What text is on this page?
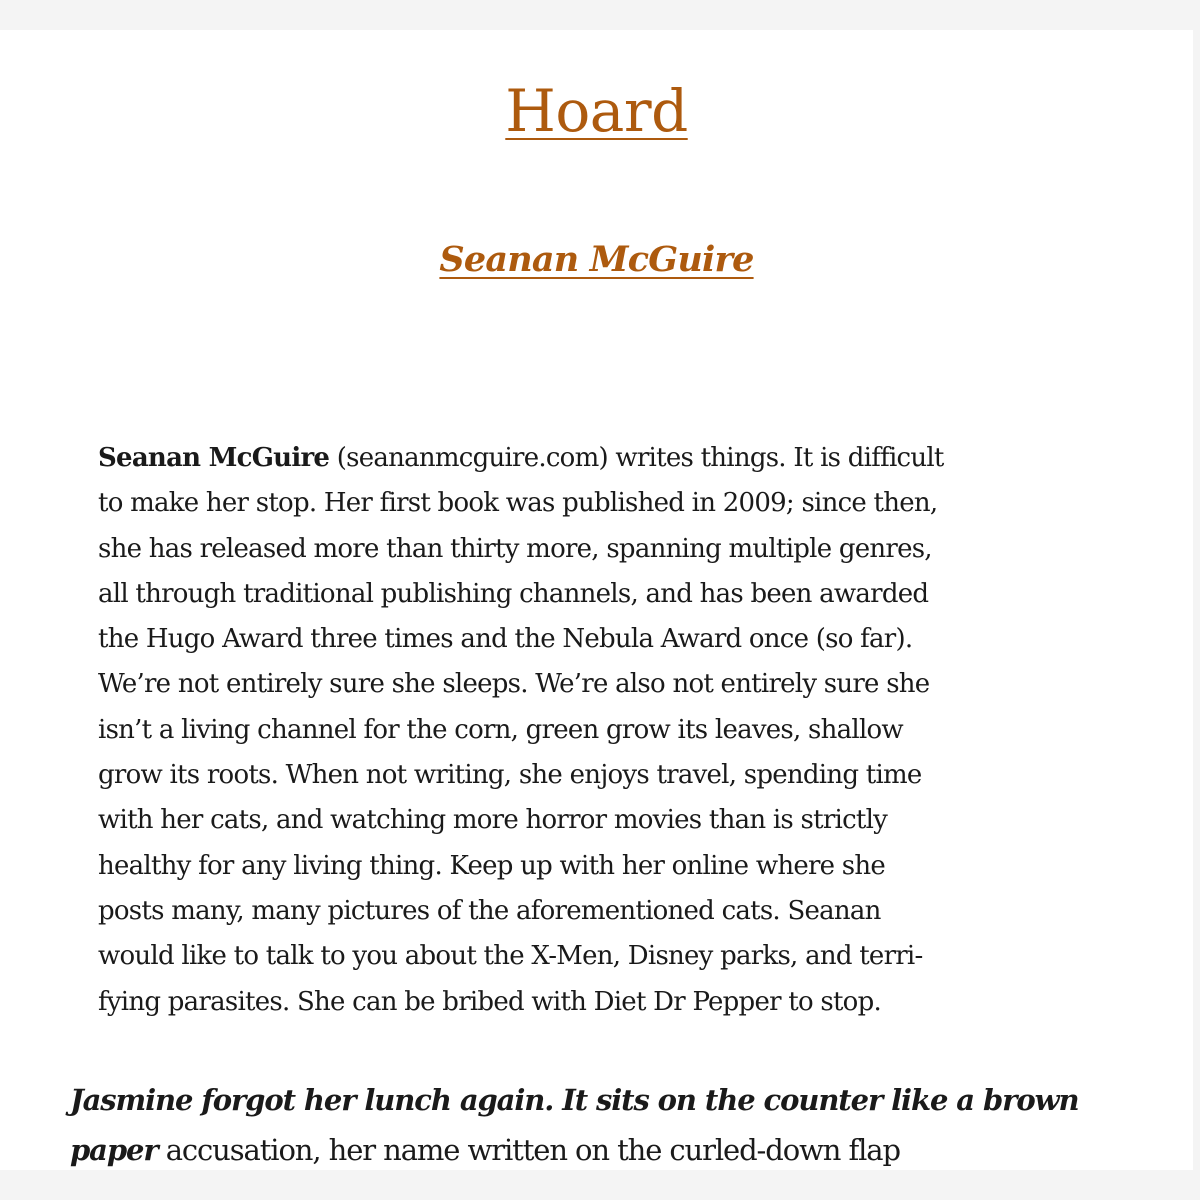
Hoard
Seanan McGuire
Seanan McGuire (seananmcguire.com) writes things. It is difficult
to make her stop. Her first book was published in 2009; since then,
she has released more than thirty more, spanning multiple genres,
all through traditional publishing channels, and has been awarded
the Hugo Award three times and the Nebula Award once (so far).
We’re not entirely sure she sleeps. We’re also not entirely sure she
isn’t a living channel for the corn, green grow its leaves, shallow
grow its roots. When not writing, she enjoys travel, spending time
with her cats, and watching more horror movies than is strictly
healthy for any living thing. Keep up with her online where she
posts many, many pictures of the aforementioned cats. Seanan
would like to talk to you about the X-Men, Disney parks, and terri-
fying parasites. She can be bribed with Diet Dr Pepper to stop.
Jasmine forgot her lunch again. It sits on the counter like a brown
paper accusation, her name written on the curled-down flap
